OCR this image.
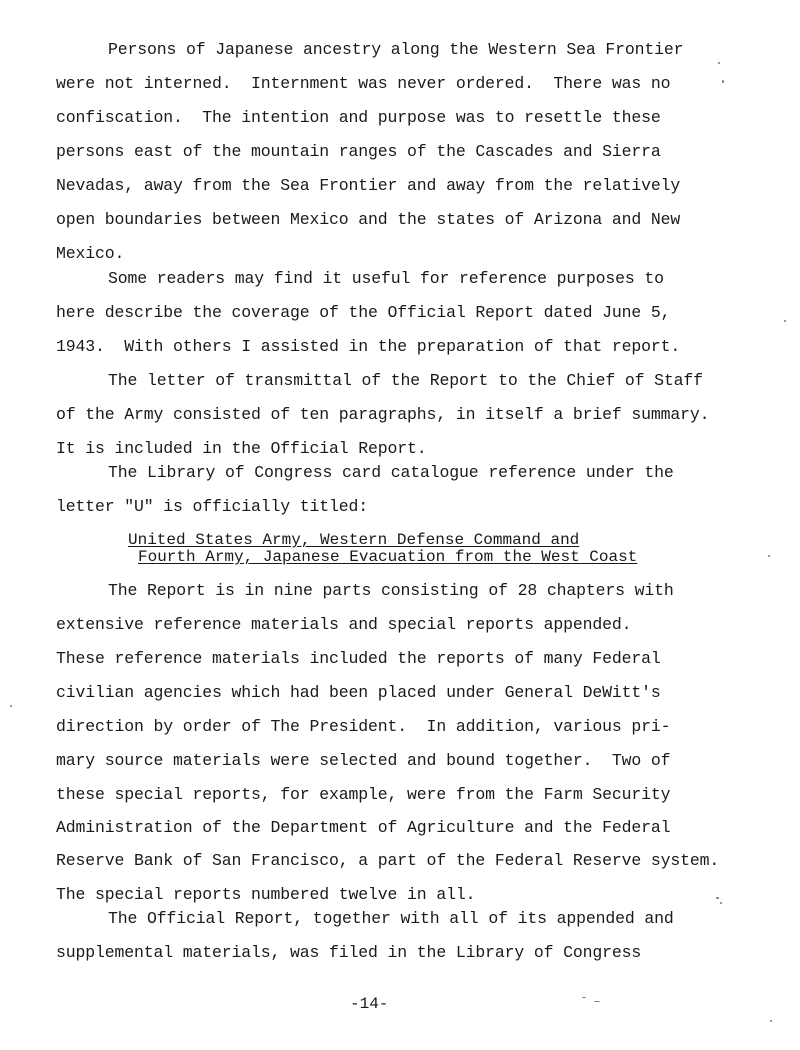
Persons of Japanese ancestry along the Western Sea Frontier
were not interned.  Internment was never ordered.  There was no
confiscation.  The intention and purpose was to resettle these
persons east of the mountain ranges of the Cascades and Sierra
Nevadas, away from the Sea Frontier and away from the relatively
open boundaries between Mexico and the states of Arizona and New
Mexico.
Some readers may find it useful for reference purposes to
here describe the coverage of the Official Report dated June 5,
1943.  With others I assisted in the preparation of that report.
The letter of transmittal of the Report to the Chief of Staff
of the Army consisted of ten paragraphs, in itself a brief summary.
It is included in the Official Report.
The Library of Congress card catalogue reference under the
letter "U" is officially titled:
United States Army, Western Defense Command and
Fourth Army, Japanese Evacuation from the West Coast
The Report is in nine parts consisting of 28 chapters with
extensive reference materials and special reports appended.
These reference materials included the reports of many Federal
civilian agencies which had been placed under General DeWitt's
direction by order of The President.  In addition, various pri-
mary source materials were selected and bound together.  Two of
these special reports, for example, were from the Farm Security
Administration of the Department of Agriculture and the Federal
Reserve Bank of San Francisco, a part of the Federal Reserve system.
The special reports numbered twelve in all.
The Official Report, together with all of its appended and
supplemental materials, was filed in the Library of Congress
-14-
